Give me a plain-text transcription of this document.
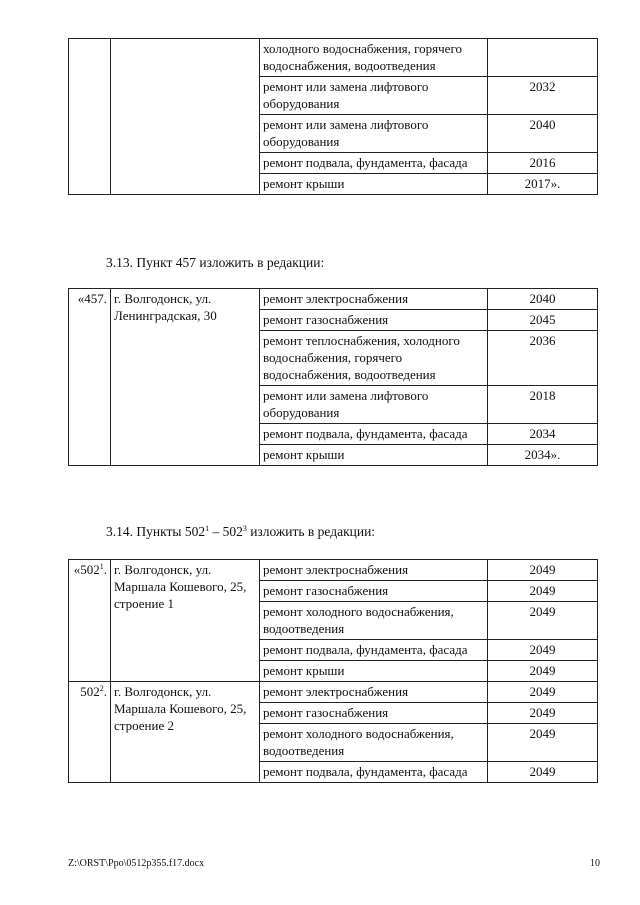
		холодного водоснабжения, горячего водоснабжения, водоотведения	
		ремонт или замена лифтового оборудования	2032
		ремонт или замена лифтового оборудования	2040
		ремонт подвала, фундамента, фасада	2016
		ремонт крыши	2017».
3.13. Пункт 457 изложить в редакции:
«457.	г. Волгодонск, ул. Ленинградская, 30	ремонт электроснабжения	2040
		ремонт газоснабжения	2045
		ремонт теплоснабжения, холодного водоснабжения, горячего водоснабжения, водоотведения	2036
		ремонт или замена лифтового оборудования	2018
		ремонт подвала, фундамента, фасада	2034
		ремонт крыши	2034».
3.14. Пункты $502^1 - 502^3$ изложить в редакции:
«$502^1$.	г. Волгодонск, ул. Маршала Кошевого, 25, строение 1	ремонт электроснабжения	2049
		ремонт газоснабжения	2049
		ремонт холодного водоснабжения, водоотведения	2049
		ремонт подвала, фундамента, фасада	2049
		ремонт крыши	2049
$502^2$.	г. Волгодонск, ул. Маршала Кошевого, 25, строение 2	ремонт электроснабжения	2049
		ремонт газоснабжения	2049
		ремонт холодного водоснабжения, водоотведения	2049
		ремонт подвала, фундамента, фасада	2049
Z:\ORST\Ppo\0512p355.f17.docx	10
